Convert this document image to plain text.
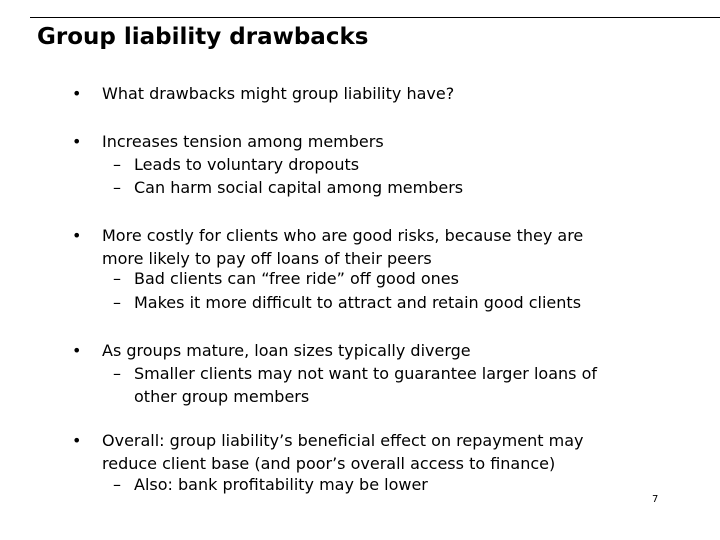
Group liability drawbacks
• What drawbacks might group liability have?
• Increases tension among members
– Leads to voluntary dropouts
– Can harm social capital among members
• More costly for clients who are good risks, because they are
more likely to pay off loans of their peers
– Bad clients can “free ride” off good ones
– Makes it more difficult to attract and retain good clients
• As groups mature, loan sizes typically diverge
– Smaller clients may not want to guarantee larger loans of
other group members
• Overall: group liability’s beneficial effect on repayment may
reduce client base (and poor’s overall access to finance)
– Also: bank profitability may be lower
7
